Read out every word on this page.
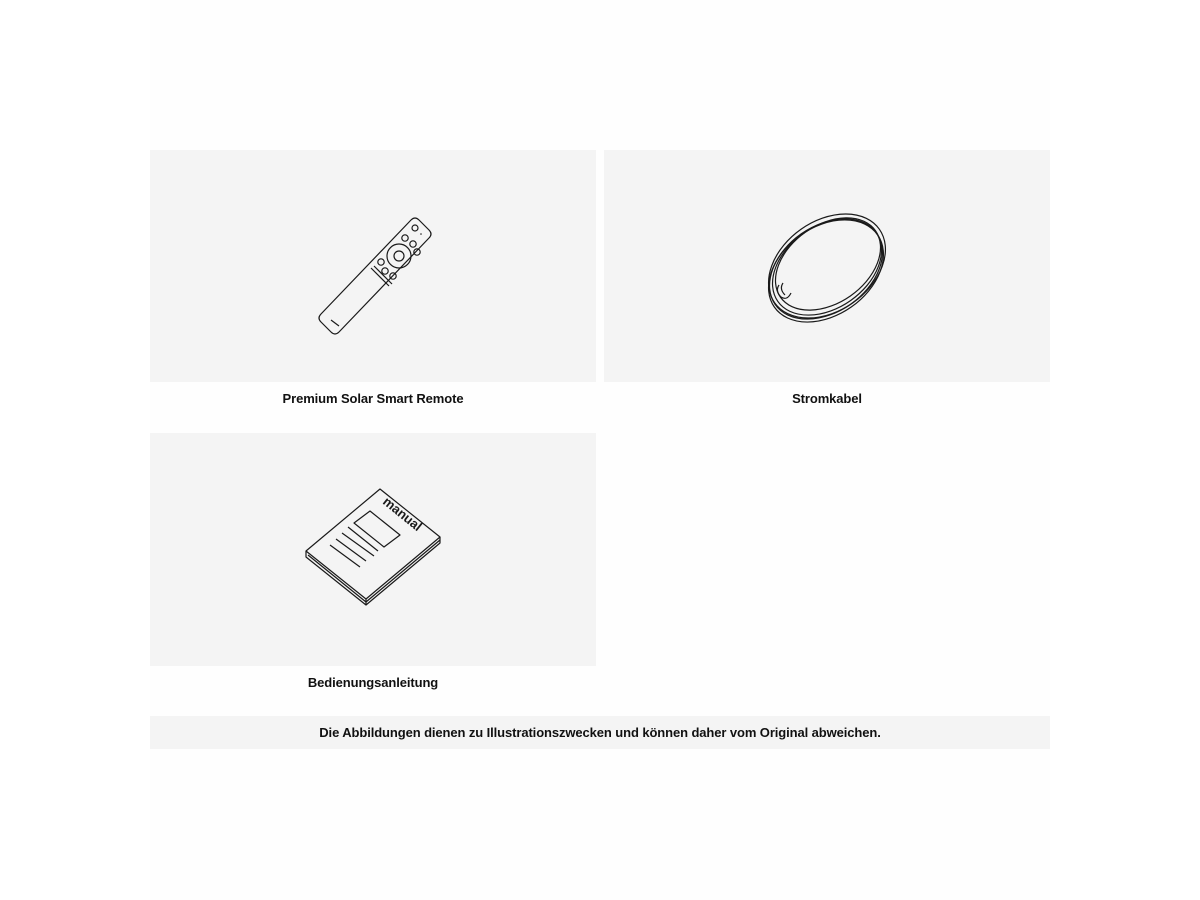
Premium Solar Smart Remote	Stromkabel
manual
Bedienungsanleitung
Die Abbildungen dienen zu Illustrationszwecken und können daher vom Original abweichen.
